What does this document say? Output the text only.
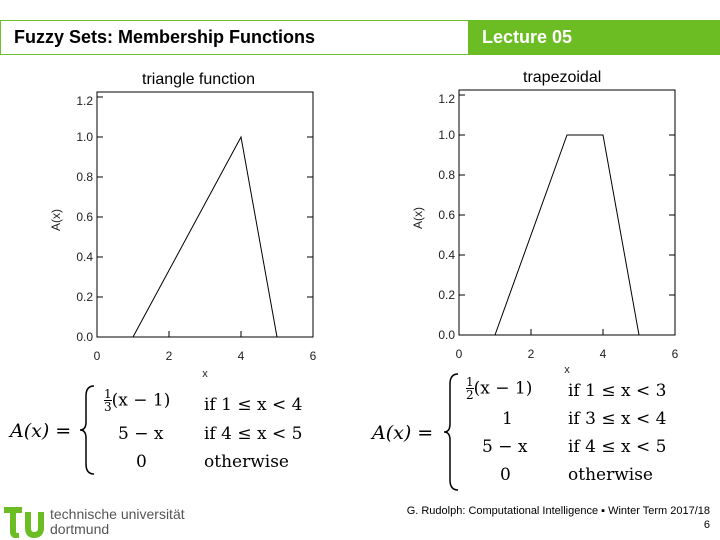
Fuzzy Sets: Membership Functions	Lecture 05
triangle function	trapezoidal
0.0
0.2
0.4
0.6
0.8
1.0
1.2
0	2	4	6
x
A(x)
0.0
0.2
0.4
0.6
0.8
1.0
1.2
0	2	4	6
x
A(x)
A(x) =
$\frac{1}{3} (x - 1)$ if 1 ≤ x < 4
5 − x if 4 ≤ x < 5
0	otherwise
A(x) =
$\frac{1}{2} (x - 1)$ if 1 ≤ x < 3
1	if 3 ≤ x < 4
5 − x if 4 ≤ x < 5
0	otherwise
technische universität
dortmund
G. Rudolph: Computational Intelligence ▪ Winter Term 2017/18
6
